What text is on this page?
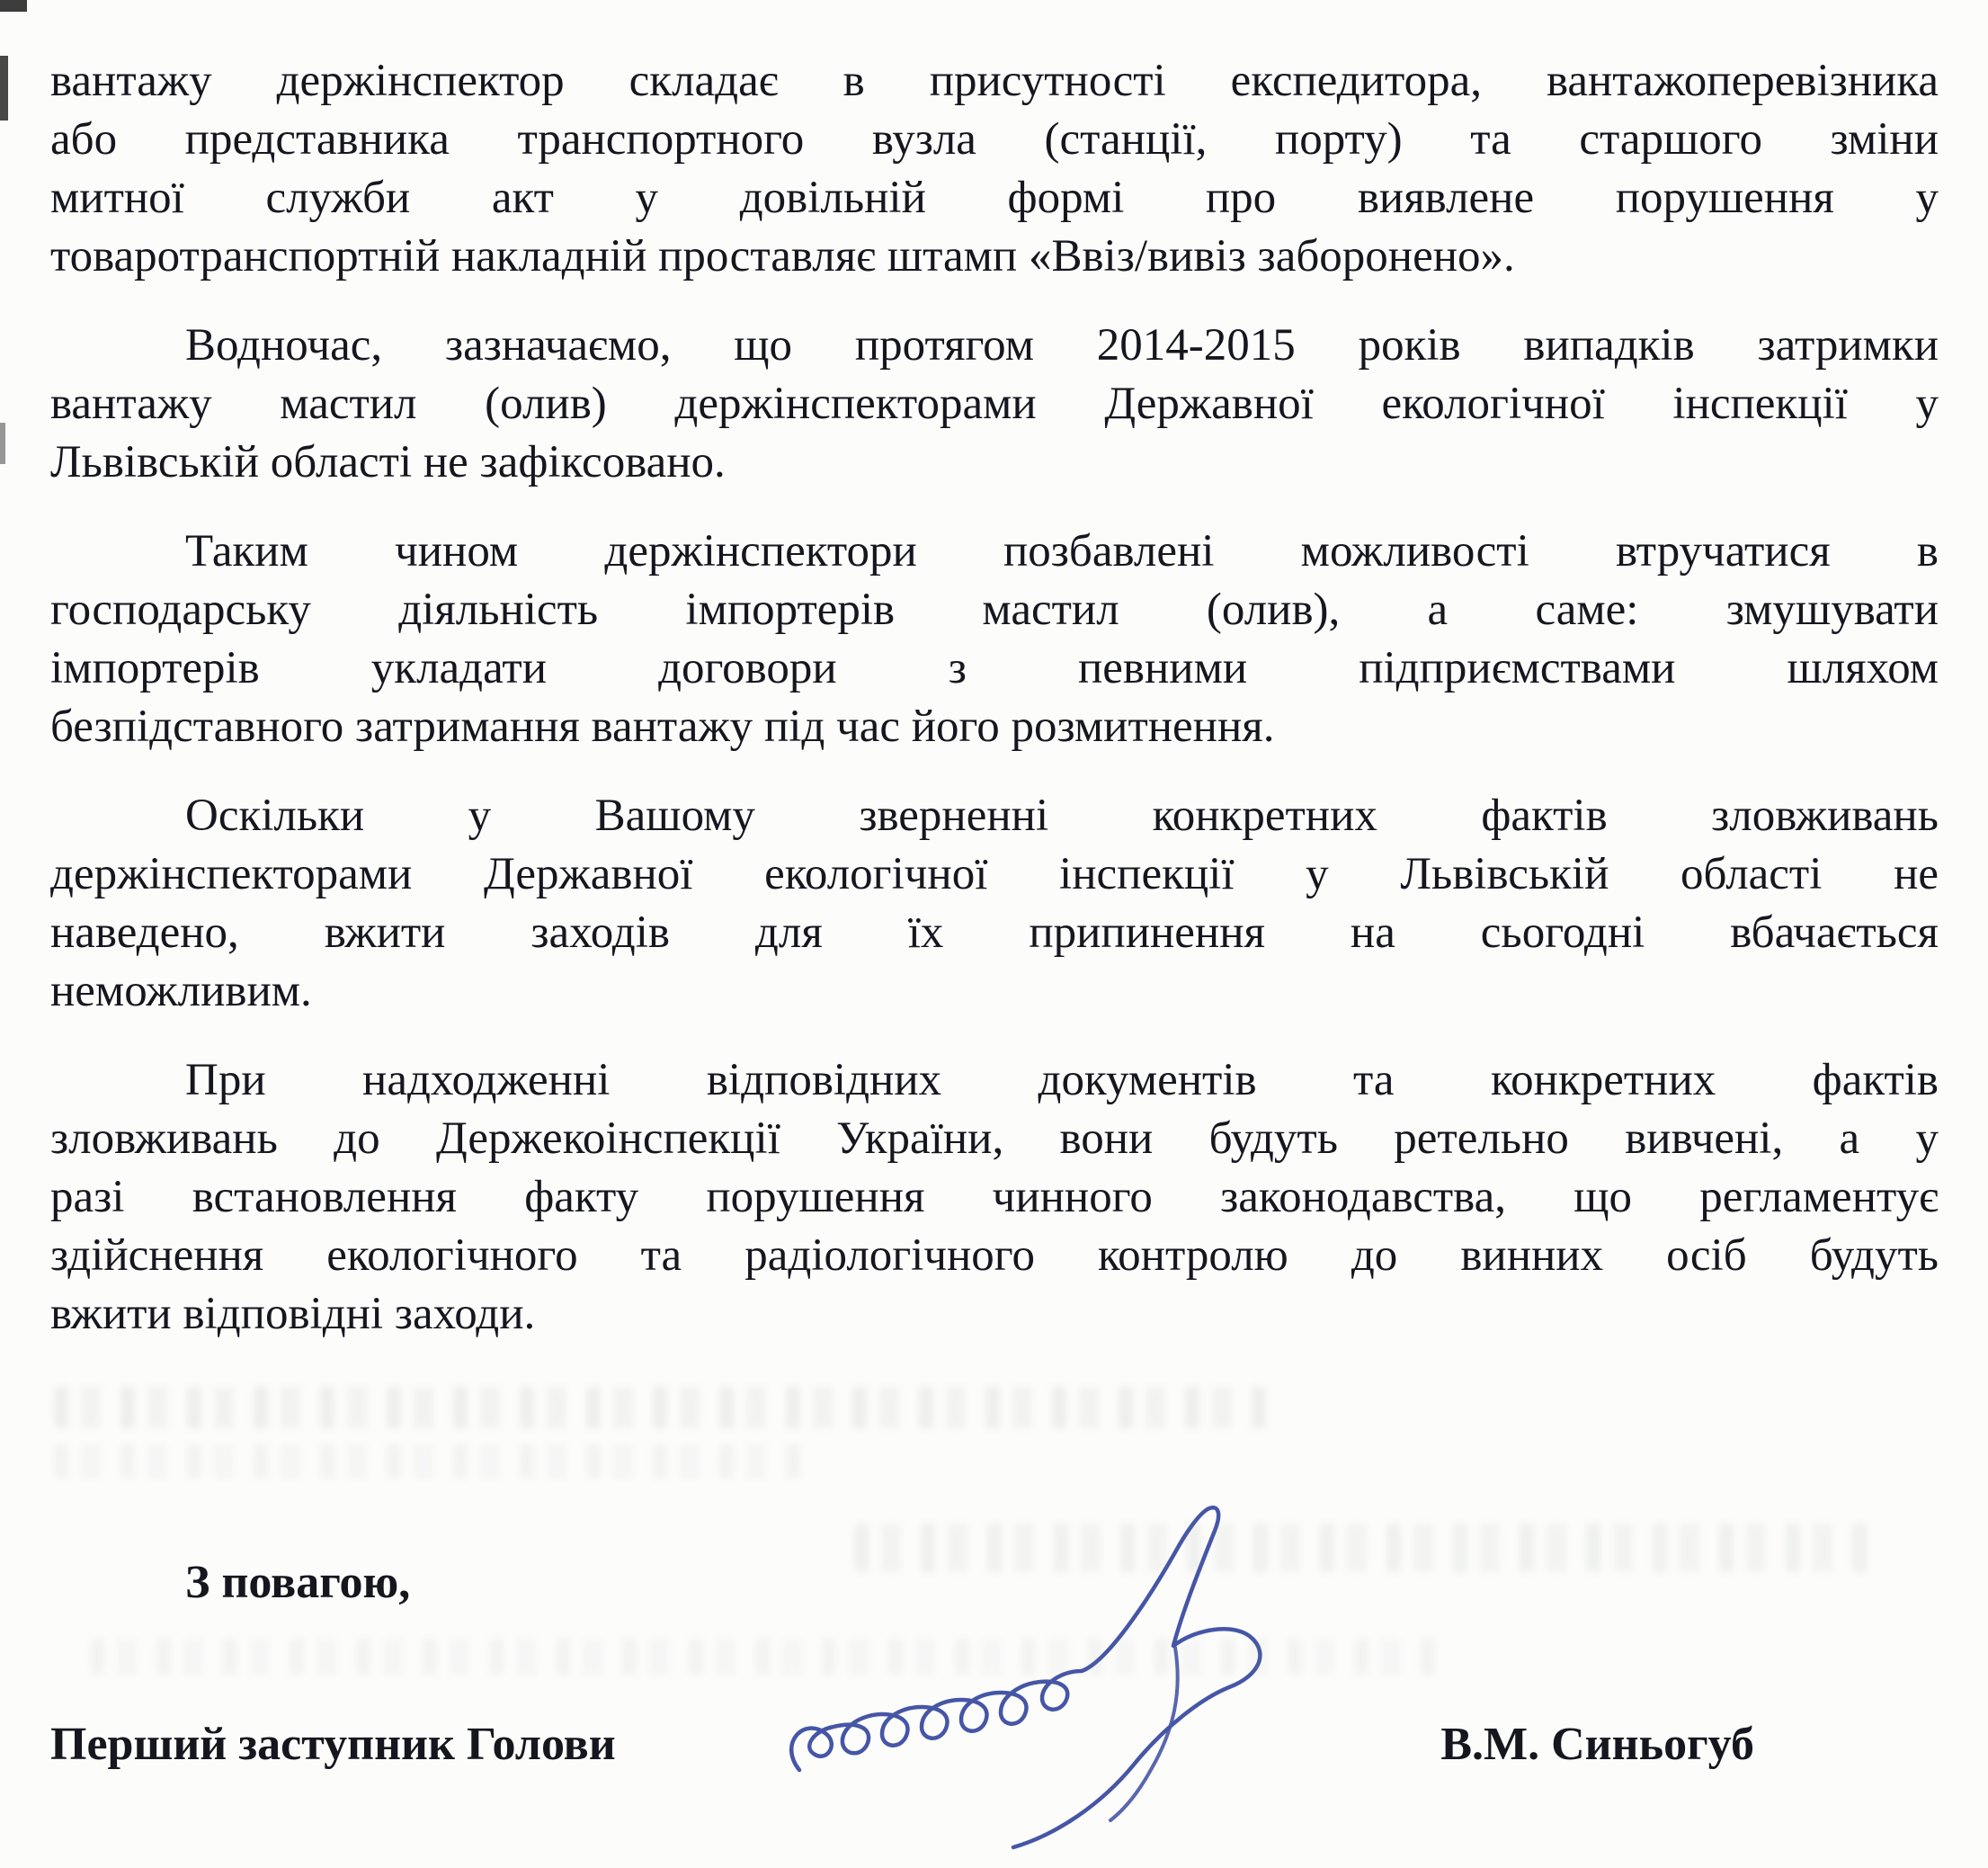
вантажу держінспектор складає в присутності експедитора, вантажоперевізника
або представника транспортного вузла (станції, порту) та старшого зміни
митної служби акт у довільній формі про виявлене порушення у
товаротранспортній накладній проставляє штамп «Ввіз/вивіз заборонено».
Водночас, зазначаємо, що протягом 2014-2015 років випадків затримки
вантажу мастил (олив) держінспекторами Державної екологічної інспекції у
Львівській області не зафіксовано.
Таким чином держінспектори позбавлені можливості втручатися в
господарську діяльність імпортерів мастил (олив), а саме: змушувати
імпортерів укладати договори з певними підприємствами шляхом
безпідставного затримання вантажу під час його розмитнення.
Оскільки у Вашому зверненні конкретних фактів зловживань
держінспекторами Державної екологічної інспекції у Львівській області не
наведено, вжити заходів для їх припинення на сьогодні вбачається
неможливим.
При надходженні відповідних документів та конкретних фактів
зловживань до Держекоінспекції України, вони будуть ретельно вивчені, а у
разі встановлення факту порушення чинного законодавства, що регламентує
здійснення екологічного та радіологічного контролю до винних осіб будуть
вжити відповідні заходи.
З повагою,
Перший заступник Голови	В.М. Синьогуб
